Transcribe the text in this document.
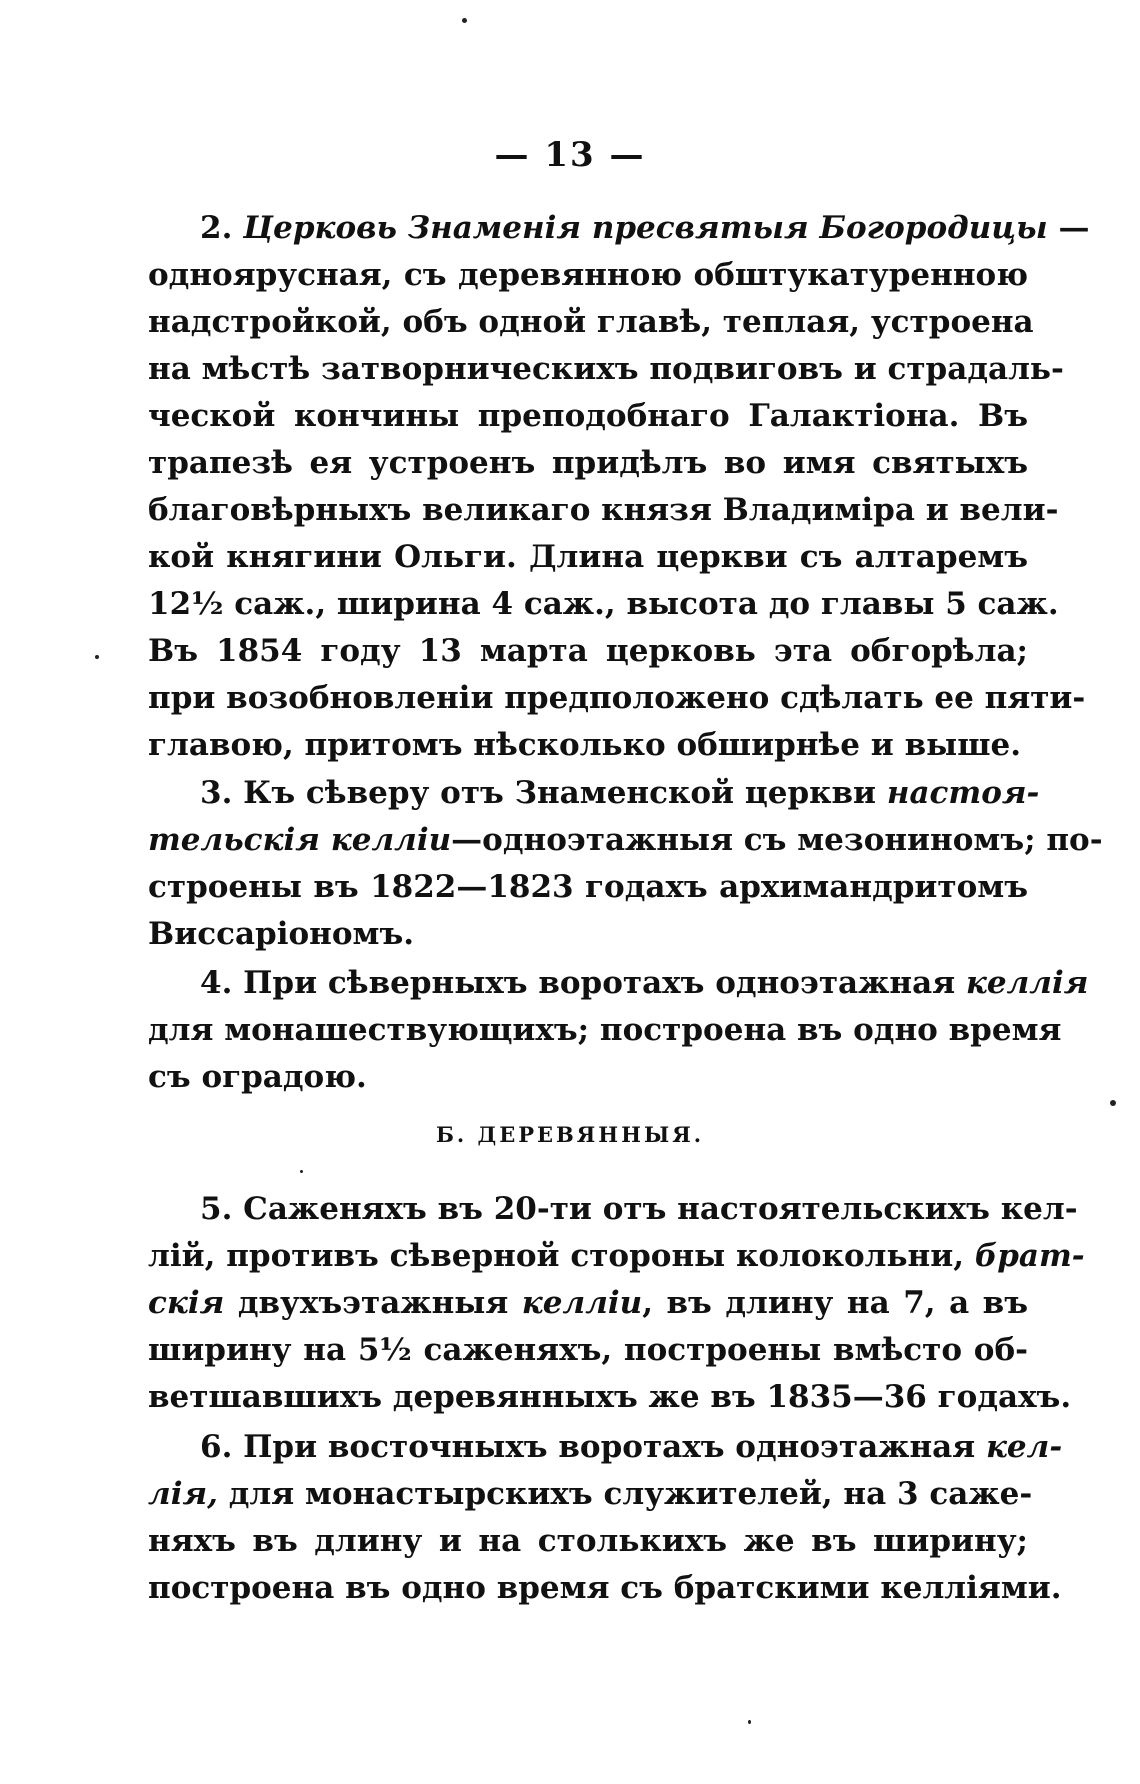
— 13 —
2. Церковь Знаменія пресвятыя Богородицы —
одноярусная, съ деревянною обштукатуренною
надстройкой, объ одной главѣ, теплая, устроена
на мѣстѣ затворническихъ подвиговъ и страдаль-
ческой кончины преподобнаго Галактіона. Въ
трапезѣ ея устроенъ придѣлъ во имя святыхъ
благовѣрныхъ великаго князя Владиміра и вели-
кой княгини Ольги. Длина церкви съ алтаремъ
12½ саж., ширина 4 саж., высота до главы 5 саж.
Въ 1854 году 13 марта церковь эта обгорѣла;
при возобновленіи предположено сдѣлать ее пяти-
главою, притомъ нѣсколько обширнѣе и выше.
3. Къ сѣверу отъ Знаменской церкви настоя-
тельскія келліи—одноэтажныя съ мезониномъ; по-
строены въ 1822—1823 годахъ архимандритомъ
Виссаріономъ.
4. При сѣверныхъ воротахъ одноэтажная келлія
для монашествующихъ; построена въ одно время
съ оградою.
Б. ДЕРЕВЯННЫЯ.
5. Саженяхъ въ 20-ти отъ настоятельскихъ кел-
лій, противъ сѣверной стороны колокольни, брат-
скія двухъэтажныя келліи, въ длину на 7, а въ
ширину на 5½ саженяхъ, построены вмѣсто об-
ветшавшихъ деревянныхъ же въ 1835—36 годахъ.
6. При восточныхъ воротахъ одноэтажная кел-
лія, для монастырскихъ служителей, на 3 саже-
няхъ въ длину и на столькихъ же въ ширину;
построена въ одно время съ братскими келліями.
